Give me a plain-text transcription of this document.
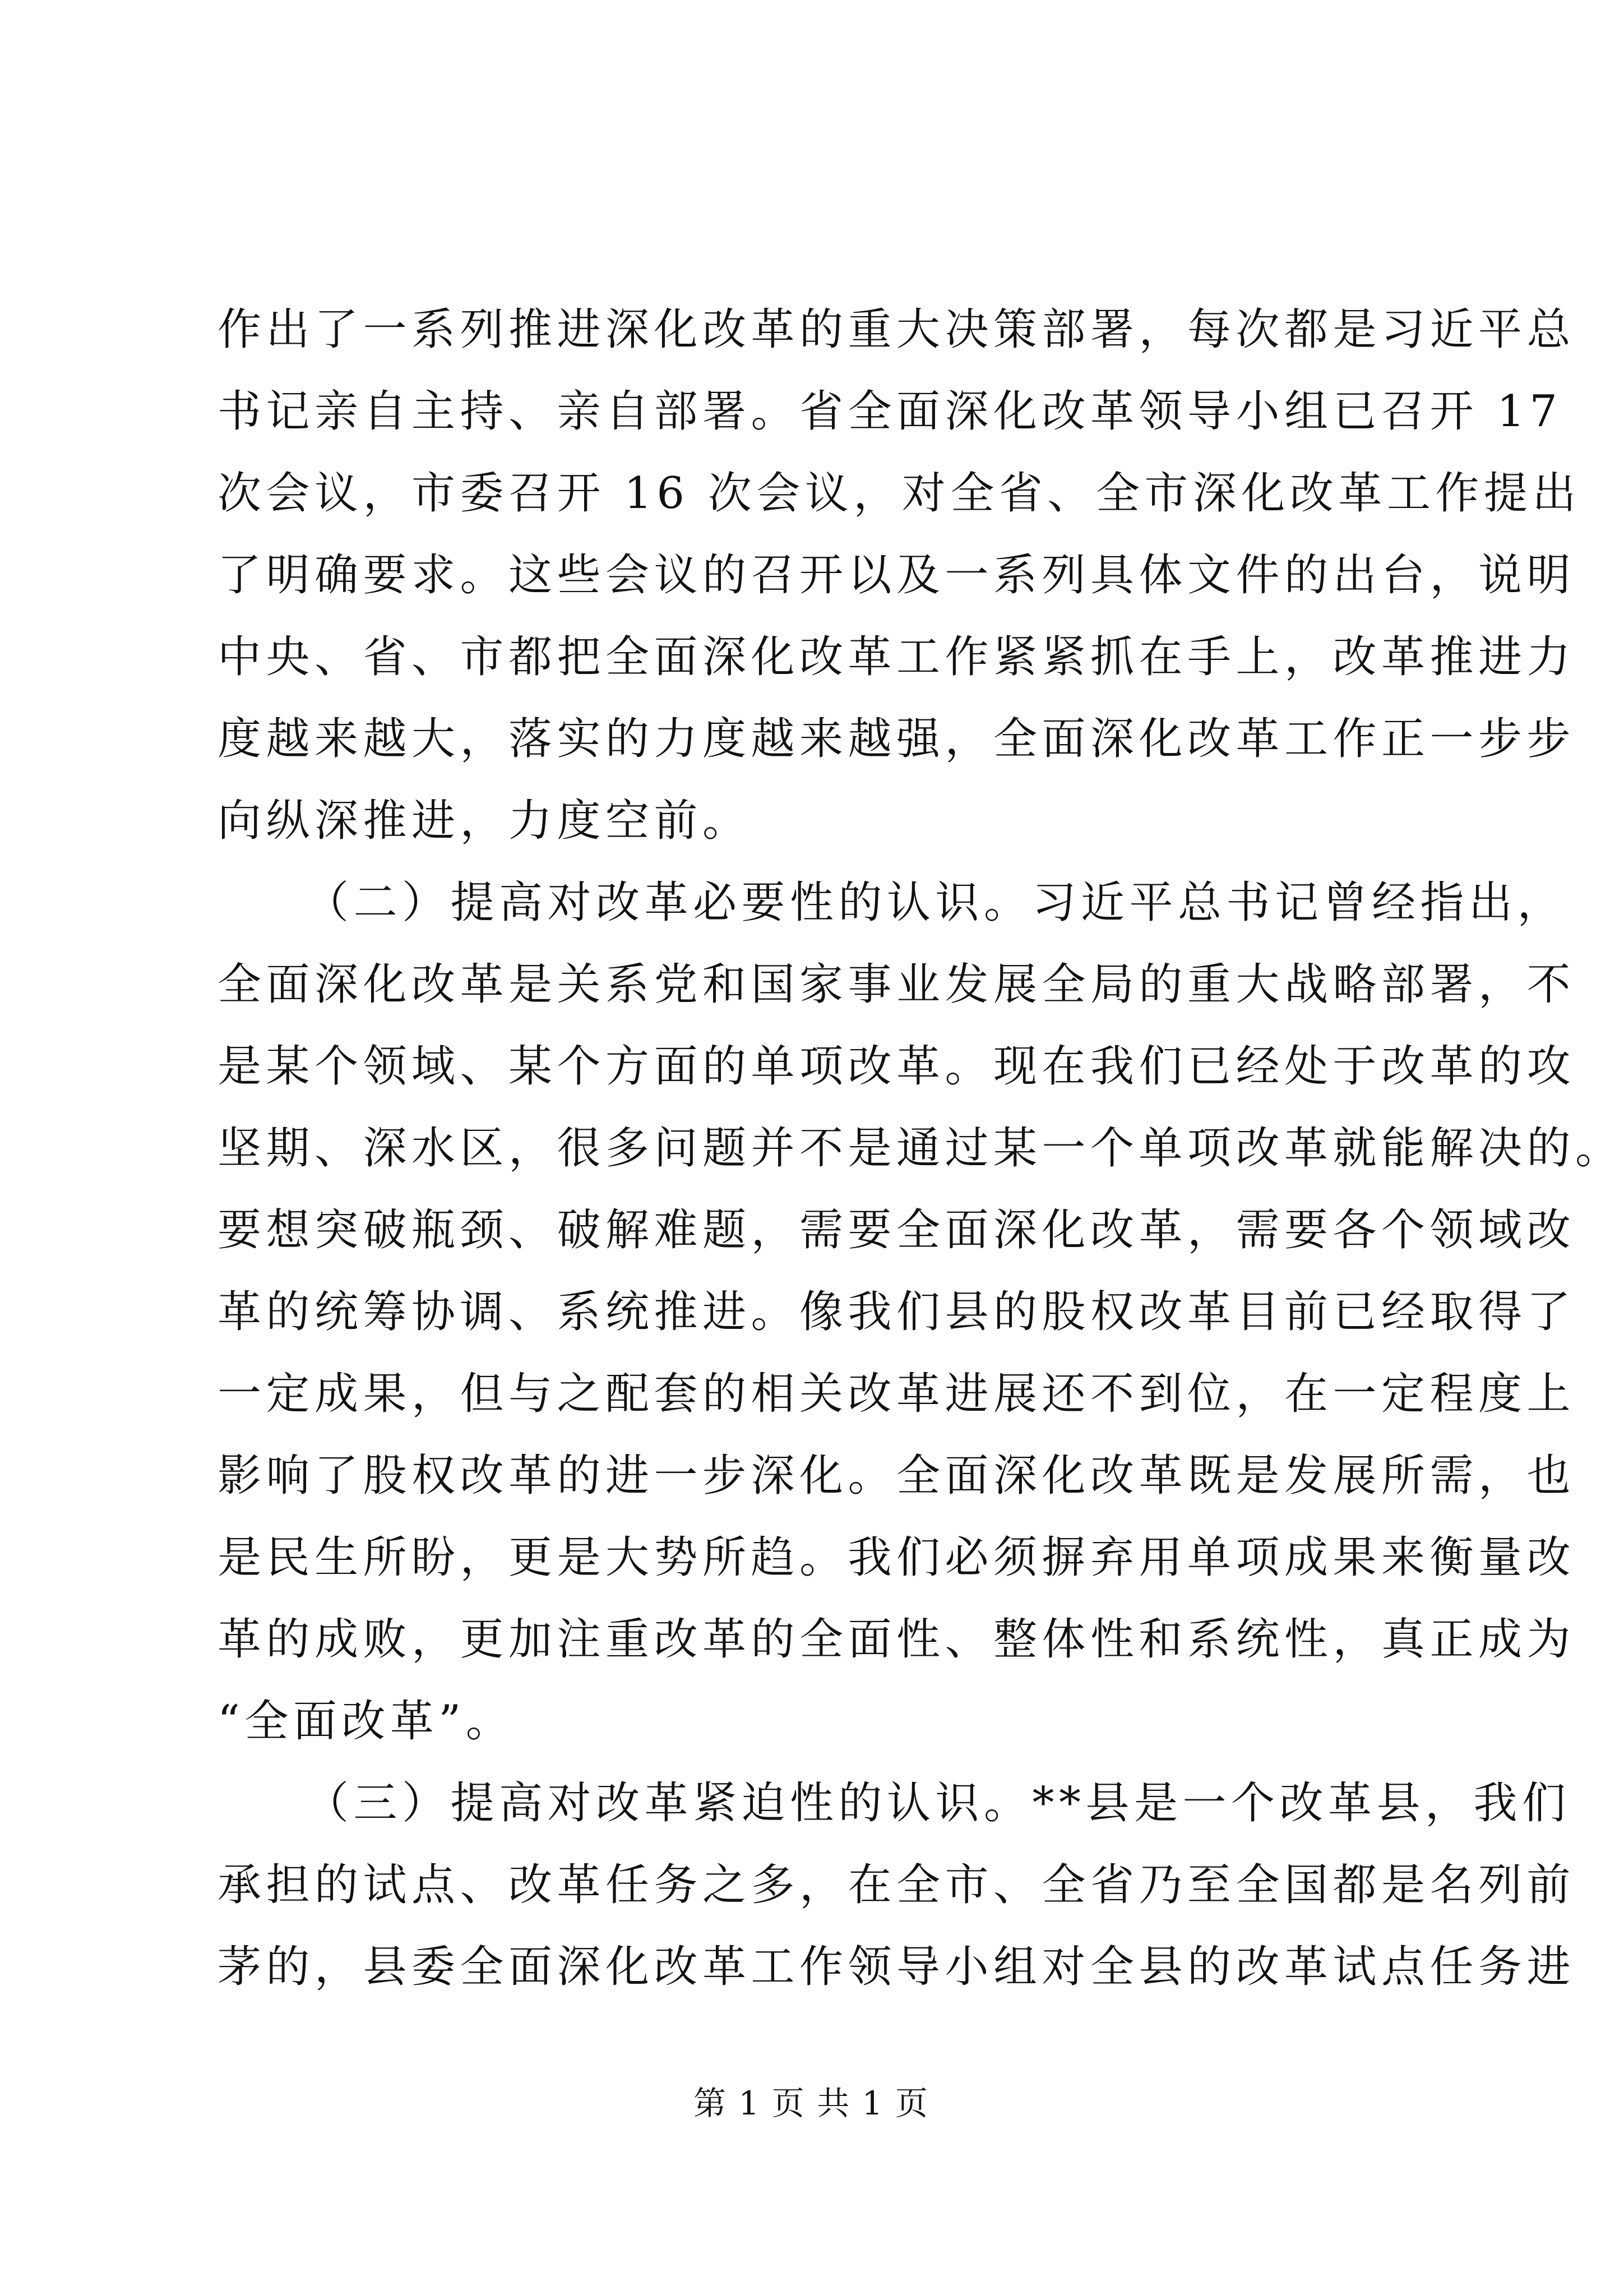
作出了一系列推进深化改革的重大决策部署，每次都是习近平总
书记亲自主持、亲自部署。省全面深化改革领导小组已召开 17
次会议，市委召开 16 次会议，对全省、全市深化改革工作提出
了明确要求。这些会议的召开以及一系列具体文件的出台，说明
中央、省、市都把全面深化改革工作紧紧抓在手上，改革推进力
度越来越大，落实的力度越来越强，全面深化改革工作正一步步
向纵深推进，力度空前。
（二）提高对改革必要性的认识。习近平总书记曾经指出，
全面深化改革是关系党和国家事业发展全局的重大战略部署，不
是某个领域、某个方面的单项改革。现在我们已经处于改革的攻
坚期、深水区，很多问题并不是通过某一个单项改革就能解决的。
要想突破瓶颈、破解难题，需要全面深化改革，需要各个领域改
革的统筹协调、系统推进。像我们县的股权改革目前已经取得了
一定成果，但与之配套的相关改革进展还不到位，在一定程度上
影响了股权改革的进一步深化。全面深化改革既是发展所需，也
是民生所盼，更是大势所趋。我们必须摒弃用单项成果来衡量改
革的成败，更加注重改革的全面性、整体性和系统性，真正成为
“全面改革”。
（三）提高对改革紧迫性的认识。**县是一个改革县，我们
承担的试点、改革任务之多，在全市、全省乃至全国都是名列前
茅的，县委全面深化改革工作领导小组对全县的改革试点任务进
第 1 页 共 1 页
